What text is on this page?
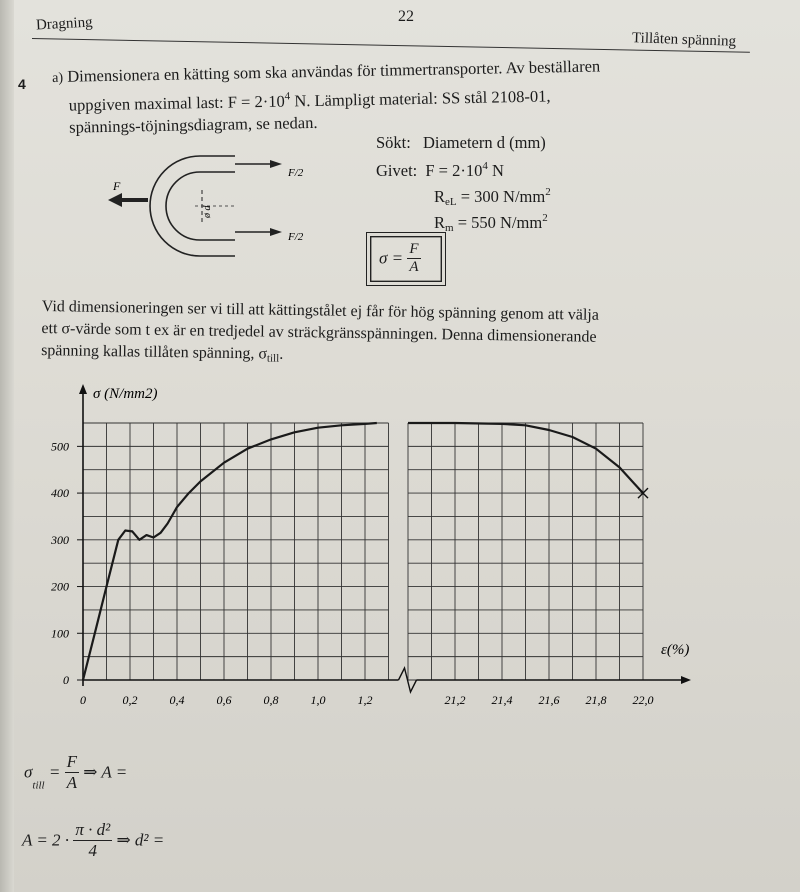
Dragning	22
Tillåten spänning
4 a) Dimensionera en kätting som ska användas för timmertransporter. Av beställaren
uppgiven maximal last: $F = 2\cdot 10^4$ N. Lämpligt material: SS stål 2108-01,
spännings-töjningsdiagram, se nedan.
Sökt: Diametern d (mm)
Givet: $F = 2\cdot 10^4$ N
$R_{eL} = 300$ $N/mm^2$
$R_m = 550$ $N/mm^2$
$\sigma = \frac{F}{A}$
F
F/2
F/2
ø d
Vid dimensioneringen ser vi till att kättingstålet ej får för hög spänning genom att välja
ett σ-värde som t ex är en tredjedel av sträckgränsspänningen. Denna dimensionerande
spänning kallas tillåten spänning, $\sigma_{till}$.
0
100
200
300
400
500
0	0,2	0,4	0,6	0,8	1,0	1,2	21,2 21,4 21,6 21,8 22,0
σ (N/mm2)
ε(%)
$\sigma_{till} = \frac{F}{A}$ ⇒ A =
$A = 2 \cdot \frac{\text{π · d²}}{4}$ ⇒ d² =
